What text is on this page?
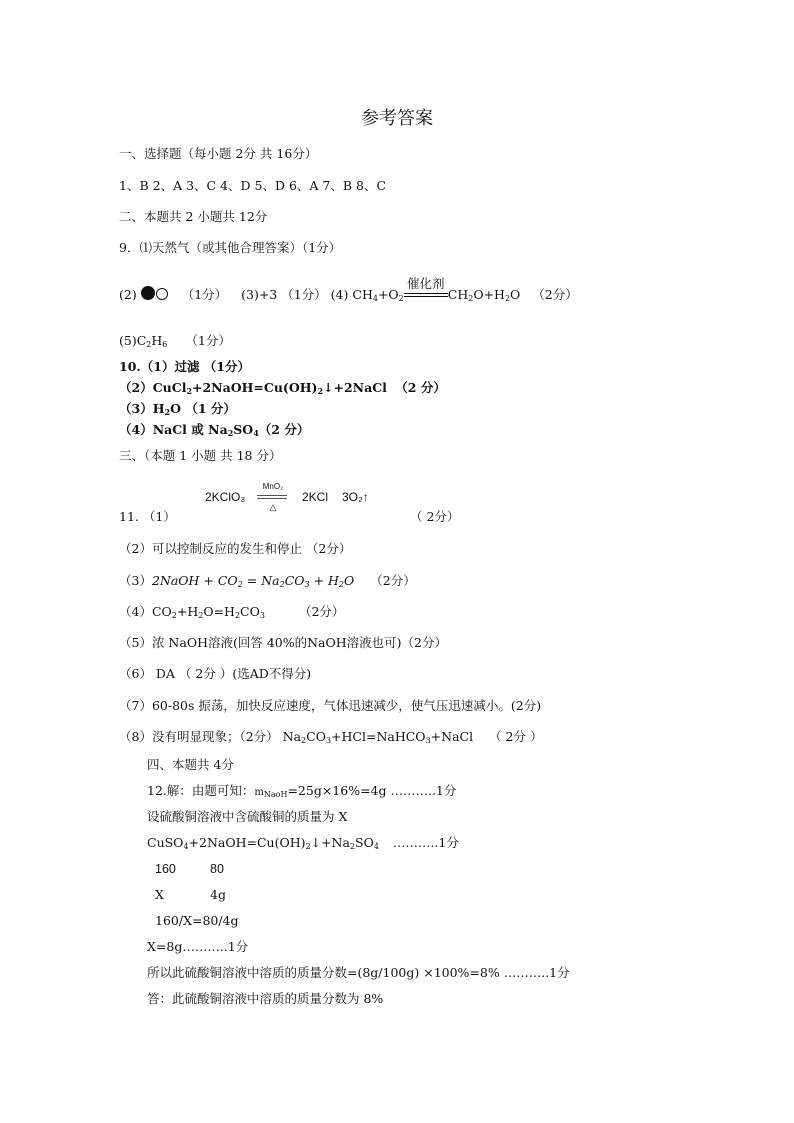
参考答案
一、选择题（每小题 2分 共 16分）
1、B 2、A 3、C 4、D 5、D 6、A 7、B 8、C
二、本题共 2 小题共 12分
9．⑴天然气（或其他合理答案）（1分）
(2)	（1分） (3)+3 （1分） (4) $CH_4+O_2$
催化剂
$CH_2O+H_2O$ （2分）
$(5)C_2H_6$ （1分）
10.（1）过滤 （1分）
$(2)CuCl_2+2NaOH=Cu(OH)_2↓+2NaCl$ （2 分）
$(3)H_2O$ （1 分）
（4）NaCl 或 $Na_2SO_4(2$ 分）
三、（本题 1 小题 共 18 分）
2KClO₃
MnO₂
△
2KCl 3O₂↑
11. （1）	（ 2分）
（2）可以控制反应的发生和停止 （2分）
（3）2NaOH + $CO_2 = Na_2CO_3 + H_2O$ （2分）
$(4)CO_2+H_2O=H_2CO_3$	（2分）
（5）浓 NaOH溶液(回答 40%的NaOH溶液也可)（2分）
（6） DA （ 2分 ）(选AD不得分)
（7）60-80s 振荡，加快反应速度，气体迅速减少，使气压迅速减小。(2分)
（8）没有明显现象；（2分） $Na_2CO_3+HCl=NaHCO_3+NaCl$ （ 2分 ）
四、本题共 4分
12.解：由题可知：$m_{NaoH}=25g\times 16\%=4g$ ………..1分
设硫酸铜溶液中含硫酸铜的质量为 X
$CuSO_4+2NaOH=Cu(OH)_2↓+Na_2SO_4$ ………..1分
160	80
X	4g
160/X=80/4g
X=8g………..1分
所以此硫酸铜溶液中溶质的质量分数=(8g/100g) ×100%=8% ………..1分
答：此硫酸铜溶液中溶质的质量分数为 8%
